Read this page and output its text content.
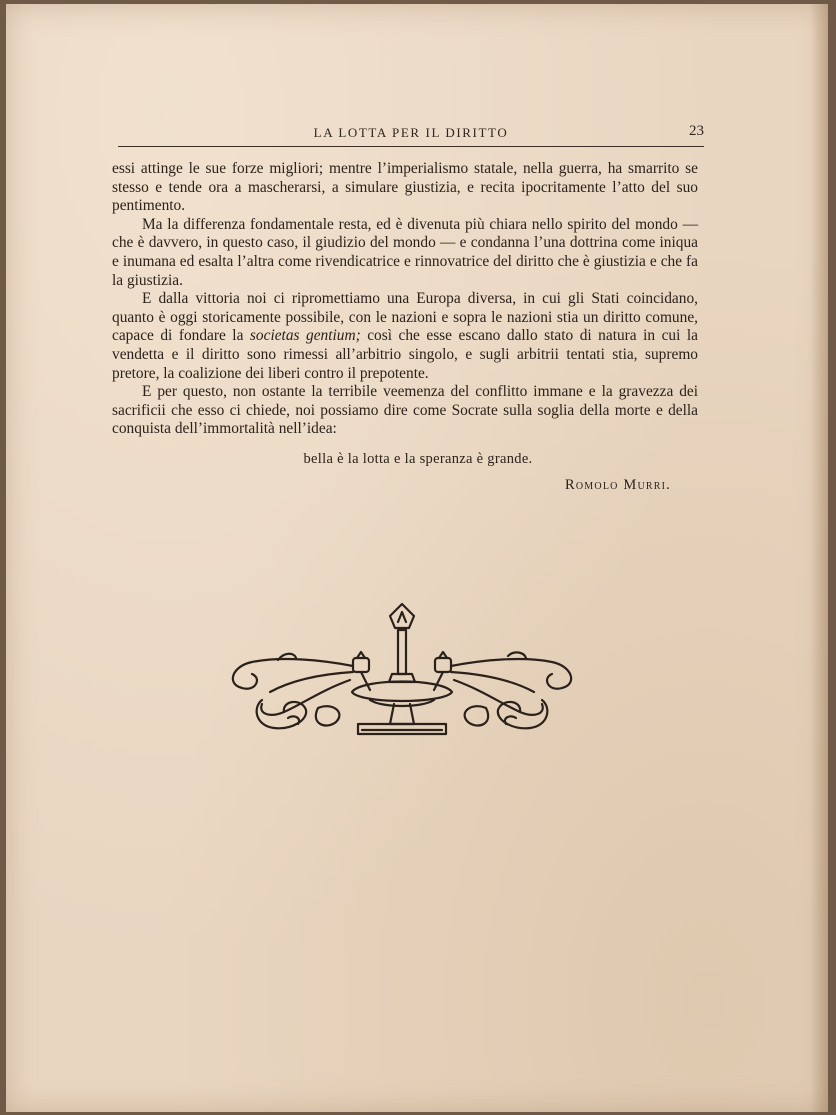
LA LOTTA PER IL DIRITTO	23

essi attinge le sue forze migliori; mentre l’imperialismo statale, nella guerra, ha smarrito se stesso e tende ora a mascherarsi, a simulare giustizia, e recita ipocritamente l’atto del suo pentimento.

Ma la differenza fondamentale resta, ed è divenuta più chiara nello spirito del mondo — che è davvero, in questo caso, il giudizio del mondo — e condanna l’una dottrina come iniqua e inumana ed esalta l’altra come rivendicatrice e rinnovatrice del diritto che è giustizia e che fa la giustizia.

E dalla vittoria noi ci ripromettiamo una Europa diversa, in cui gli Stati coincidano, quanto è oggi storicamente possibile, con le nazioni e sopra le nazioni stia un diritto comune, capace di fondare la societas gentium; così che esse escano dallo stato di natura in cui la vendetta e il diritto sono rimessi all’arbitrio singolo, e sugli arbitrii tentati stia, supremo pretore, la coalizione dei liberi contro il prepotente.

E per questo, non ostante la terribile veemenza del conflitto immane e la gravezza dei sacrificii che esso ci chiede, noi possiamo dire come Socrate sulla soglia della morte e della conquista dell’immortalità nell’idea:

bella è la lotta e la speranza è grande.
Romolo Murri.
